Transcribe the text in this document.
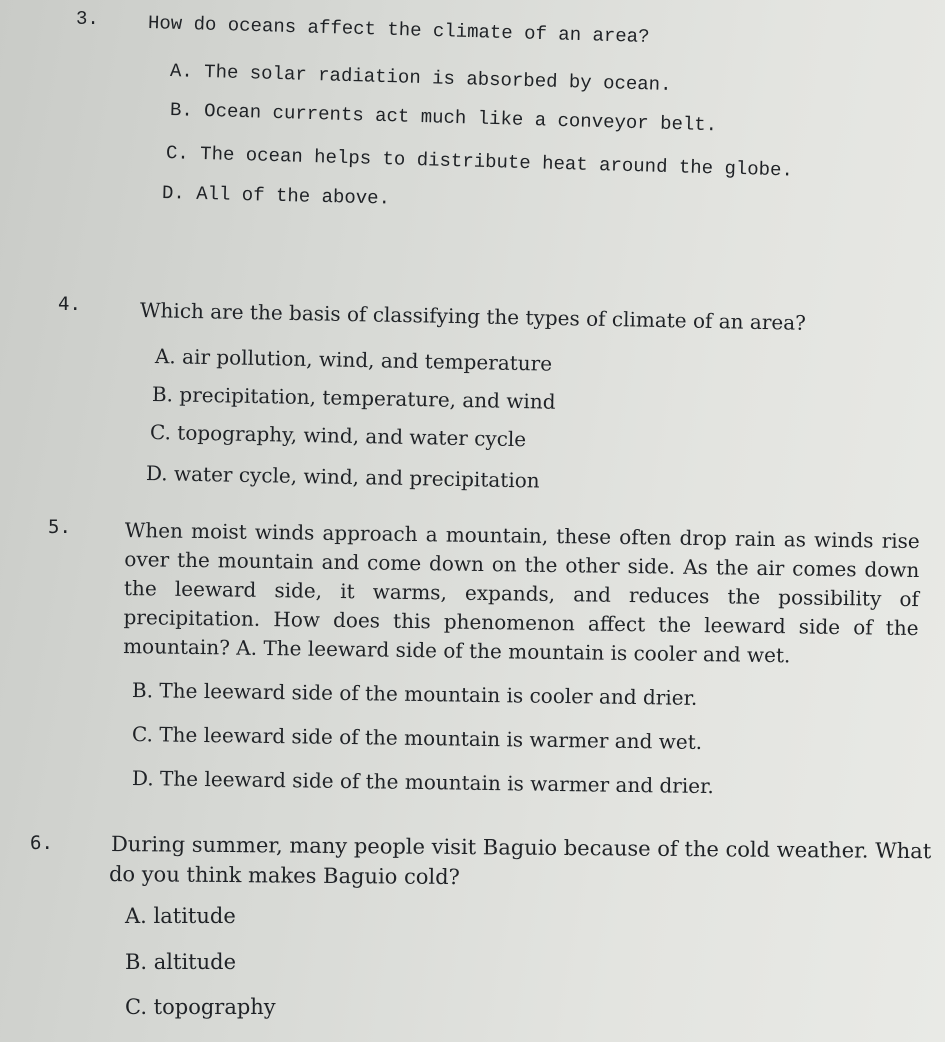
3.	How do oceans affect the climate of an area?
A. The solar radiation is absorbed by ocean.
B. Ocean currents act much like a conveyor belt.
C. The ocean helps to distribute heat around the globe.
D. All of the above.
4.	Which are the basis of classifying the types of climate of an area?
A. air pollution, wind, and temperature
B. precipitation, temperature, and wind
C. topography, wind, and water cycle
D. water cycle, wind, and precipitation
5.	When moist winds approach a mountain, these often drop rain as winds rise over the mountain and come down on the other side. As the air comes down the leeward side, it warms, expands, and reduces the possibility of precipitation. How does this phenomenon affect the leeward side of the mountain? A. The leeward side of the mountain is cooler and wet.
B. The leeward side of the mountain is cooler and drier.
C. The leeward side of the mountain is warmer and wet.
D. The leeward side of the mountain is warmer and drier.
6.	During summer, many people visit Baguio because of the cold weather. What
do you think makes Baguio cold?
A. latitude
B. altitude
C. topography
